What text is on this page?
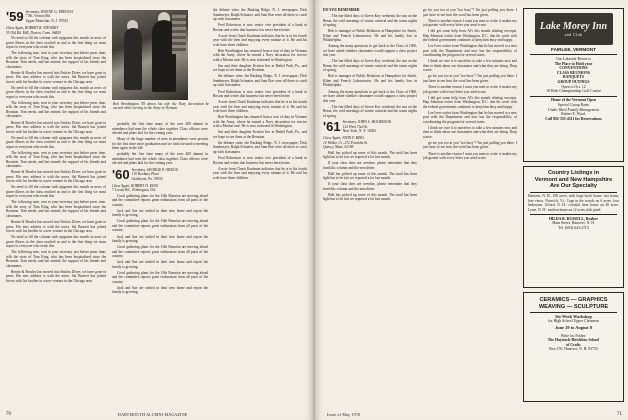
'59 Secretary, WAYNE G. FRENCH
7 Mt. Vernon Rd.
Upper Montclair, N. J. 07043
Class Agent, ROBERT R. STEWART
35 Old Rd. Mill, Darien, Conn. 06820

No need to fill the column with epigrams this month as news of grave illness in the class reached us and is the first thing we must report to everyone who reads this.

The following note, sent to your secretary just before press time, tells the story of Tom King, who has been hospitalized since the Reunion. Tom needs, and has earned, the support of his friends and classmates.

Bernie & Bowles has moved into Fairfax Drive; we have gone to press. His new address is with the notes. Sal Barnett has joined forces with his brother in a new venture in the Chicago area.

No need to fill the column with epigrams this month as news of grave illness in the class reached us and is the first thing we must report to everyone who reads this.

The following note, sent to your secretary just before press time, tells the story of Tom King, who has been hospitalized since the Reunion. Tom needs, and has earned, the support of his friends and classmates.

Bernie & Bowles has moved into Fairfax Drive; we have gone to press. His new address is with the notes. Sal Barnett has joined forces with his brother in a new venture in the Chicago area.

No need to fill the column with epigrams this month as news of grave illness in the class reached us and is the first thing we must report to everyone who reads this.

The following note, sent to your secretary just before press time, tells the story of Tom King, who has been hospitalized since the Reunion. Tom needs, and has earned, the support of his friends and classmates.

Bernie & Bowles has moved into Fairfax Drive; we have gone to press. His new address is with the notes. Sal Barnett has joined forces with his brother in a new venture in the Chicago area.

No need to fill the column with epigrams this month as news of grave illness in the class reached us and is the first thing we must report to everyone who reads this.

The following note, sent to your secretary just before press time, tells the story of Tom King, who has been hospitalized since the Reunion. Tom needs, and has earned, the support of his friends and classmates.

Bernie & Bowles has moved into Fairfax Drive; we have gone to press. His new address is with the notes. Sal Barnett has joined forces with his brother in a new venture in the Chicago area.

No need to fill the column with epigrams this month as news of grave illness in the class reached us and is the first thing we must report to everyone who reads this.

The following note, sent to your secretary just before press time, tells the story of Tom King, who has been hospitalized since the Reunion. Tom needs, and has earned, the support of his friends and classmates.

Bernie & Bowles has moved into Fairfax Drive; we have gone to press. His new address is with the notes. Sal Barnett has joined forces with his brother in a new venture in the Chicago area.

Bob Worthington '59 shows his wife the Navy decoration he earned while serving in the Army in Vietnam.

probably the first time many of the over 400 alumni in attendance had seen the whole class together. Class officers were elected and plans laid for the coming year.

Many of the huge number of men in attendance were present for the first time since graduation and we look forward to meeting them again in the fall.

probably the first time many of the over 400 alumni in attendance had seen the whole class together. Class officers were elected and plans laid for the coming year.

'60 Secretary, GEORGE P. ORDOS
110 Roxbury Place
Gladwyne, Pa. 19035
Class Agent, ROBERT H. KING
7 Locust Rd., Wilmington, Del.

Coral gathering plans for the 10th Reunion are moving ahead and the committee reports great enthusiasm from all parts of the country.

Jack and Sue are settled in their new home and report the family is growing.

Coral gathering plans for the 10th Reunion are moving ahead and the committee reports great enthusiasm from all parts of the country.

Jack and Sue are settled in their new home and report the family is growing.

Coral gathering plans for the 10th Reunion are moving ahead and the committee reports great enthusiasm from all parts of the country.

Jack and Sue are settled in their new home and report the family is growing.

Coral gathering plans for the 10th Reunion are moving ahead and the committee reports great enthusiasm from all parts of the country.

Jack and Sue are settled in their new home and report the family is growing.

the debater sitter, the Basking Ridge, N. J. newspaper; Dick Sandmeyer, Ralph Schnaier, and Sam Boe were all there to catch up with classmates.

Fred Robertson is now senior vice president of a bank in Boston and writes that business has never been better.

A note from Chuck Kaufman indicates that he is in his fourth year with the firm and enjoying every minute of it. He and his wife have three children.

Bob Worthington has returned from a tour of duty in Vietnam with the Army, where he earned a Navy decoration for service with a Marine unit. He is now stationed in Washington.

Jim and their daughter Kristen live at Bethel Park, Pa., and we hope to see them at the Reunion.

the debater sitter, the Basking Ridge, N. J. newspaper; Dick Sandmeyer, Ralph Schnaier, and Sam Boe were all there to catch up with classmates.

Fred Robertson is now senior vice president of a bank in Boston and writes that business has never been better.

A note from Chuck Kaufman indicates that he is in his fourth year with the firm and enjoying every minute of it. He and his wife have three children.

Bob Worthington has returned from a tour of duty in Vietnam with the Army, where he earned a Navy decoration for service with a Marine unit. He is now stationed in Washington.

Jim and their daughter Kristen live at Bethel Park, Pa., and we hope to see them at the Reunion.

the debater sitter, the Basking Ridge, N. J. newspaper; Dick Sandmeyer, Ralph Schnaier, and Sam Boe were all there to catch up with classmates.

Fred Robertson is now senior vice president of a bank in Boston and writes that business has never been better.

A note from Chuck Kaufman indicates that he is in his fourth year with the firm and enjoying every minute of it. He and his wife have three children.

70	DARTMOUTH ALUMNI MAGAZINE

DO YOU REMEMBER

... The fun-filled days of Green Key weekend, the sun on the Bema, the cold mornings of winter carnival and the warm nights of spring.

Bob is manager of Public Relations at Hampshire for Smith, Kline and French Laboratories. He and his family live in Philadelphia.

Among the many questions to get back to the Class of 1960, we have asked whether classmates would support a class project this year.

... The fun-filled days of Green Key weekend, the sun on the Bema, the cold mornings of winter carnival and the warm nights of spring.

Bob is manager of Public Relations at Hampshire for Smith, Kline and French Laboratories. He and his family live in Philadelphia.

Among the many questions to get back to the Class of 1960, we have asked whether classmates would support a class project this year.

... The fun-filled days of Green Key weekend, the sun on the Bema, the cold mornings of winter carnival and the warm nights of spring.

'61 Secretary, JOHN S. HOLBROOK
134 West 73rd St.
New York, N. Y. 10023
Class Agent, JOHN F. BING
10 Walker Ct., 272 Franklin St.
Quincy, Mass. 02169

Hull has picked up some of this month. The mail has been light but to be fair we reported a lot last month.

If your class dues are overdue, please remember that they fund this column and the newsletter.

Hull has picked up some of this month. The mail has been light but to be fair we reported a lot last month.

If your class dues are overdue, please remember that they fund this column and the newsletter.

Hull has picked up some of this month. The mail has been light but to be fair we reported a lot last month.

go for you too at you "too busy"? I'm just pulling you there. I just have to see how the word has been given.

There is another reason I want you men to write: it makes my job greater with every letter you send to me.

I did get some help from Al's this month relating excerpts. Hap Johnston writes from Washington, D.C. that his work with the federal government continues to keep him busy and happy.

Lee Ivers writes from Washington that he has moved to a new post with the Department and now has the responsibility of coordinating the program for several states.

I think we owe it to ourselves to take a few minutes now and then to think about our classmates and what they are doing. Drop a note.

go for you too at you "too busy"? I'm just pulling you there. I just have to see how the word has been given.

There is another reason I want you men to write: it makes my job greater with every letter you send to me.

I did get some help from Al's this month relating excerpts. Hap Johnston writes from Washington, D.C. that his work with the federal government continues to keep him busy and happy.

Lee Ivers writes from Washington that he has moved to a new post with the Department and now has the responsibility of coordinating the program for several states.

I think we owe it to ourselves to take a few minutes now and then to think about our classmates and what they are doing. Drop a note.

go for you too at you "too busy"? I'm just pulling you there. I just have to see how the word has been given.

There is another reason I want you men to write: it makes my job greater with every letter you send to me.

Lake Morey Inn
and Club
FAIRLEE, VERMONT
Our Lakeside Resort is
The Place to Hold your
CONVENTIONS
CLASS REUNIONS
BANQUETS
GROUP OUTINGS
Open to Oct. 12
18 Hole Championship Golf Course
Home of the Vermont Open
Special Group Rates
Under Ward Family Management
Robert E. Ward,
Call 802-333-4311 for Reservations
Country Listings in
Vermont and New Hampshire
Are Our Specialty
Hanover, N. H.: 100 acres, with large brick house, two barns, fine views. Norwich, Vt.: Cape in the woods on 6 acres, four bedrooms. Orford, N. H.: colonial farm house on 40 acres. Lyme, N. H.: modern home on 12 acres with pond.
HILDA B. RUSSELL, Realtor
Main Street, Hanover, N. H.
Tel. (603) 643-2713
CERAMICS — GRAPHICS
WEAVING — SCULPTURE
Six-Week Workshop
for High School Upper Classmen
June 29 to August 8
Write for Folder:
The Haystack-Hotchkiss School
of Crafts
Box 376, Hanover, N. H. 03755
Issue of May 1970	71
